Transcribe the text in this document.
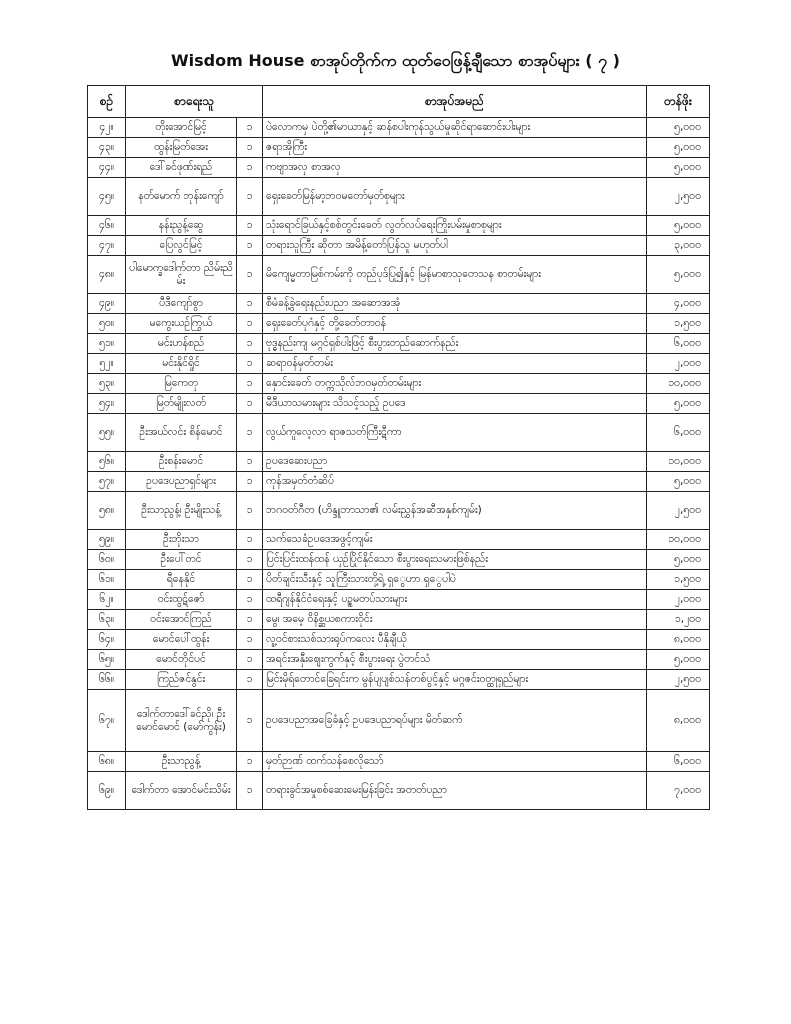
Wisdom House စာအုပ်တိုက်က ထုတ်ဝေဖြန့်ချီသော စာအုပ်များ ( ၇ )
စဉ်	စာရေးသူ		စာအုပ်အမည်	တန်ဖိုး
၄၂။	တိုးအောင်မြင့်	၁	ပဲလောကမှ ပဲတို့၏မာယာနှင့် ဆန်စပါးကုန်သွယ်မှုဆိုင်ရာဆောင်းပါးများ	၅,၀၀၀
၄၃။	ထွန်းမြတ်အေး	၁	ဇရာအိုကြီး	၅,၀၀၀
၄၄။	ဒေါ်ခင်ဖုဏ်းရည်	၁	ကဗျာအလှ စာအလှ	၅,၀၀၀
၄၅။	နတ်မောက် ဘုန်းကျော်	၁	ရှေးခေတ်မြန်မာ့ဘဝမတော်မှတ်စုများ	၂,၅၀၀
၄၆။	နန်းညွန့်ဆွေ	၁	သုံးရောင်ခြယ်နှင့်စစ်တွင်းခေတ် လွတ်လပ်ရေးကြိုးပမ်းမှုစာစုများ	၅,၀၀၀
၄၇။	ပြေလွင်မြင့်	၁	တရားသူကြီး ဆိုတာ အမိန့်တော်ပြန်သူ မဟုတ်ပါ	၃,၀၀၀
၄၈။	ပါမောက္ခဒေါက်တာ ညိမ်းညိမ်း	၁	မိကျေမ္မတာမြစ်ကမ်းကို တည်ပုဒ်ပြု၍နှင့် မြန်မာစာသုတေသန စာတမ်းများ	၅,၀၀၀
၄၉။	ပီဒီကျော်စွာ	၁	စီမံခန့်ခွဲရေးနည်းပညာ အဆောအအုံ	၄,၀၀၀
၅၀။	မကွေးယဉ်ကြွယ်	၁	ရှေးခေတ်ပုဂံနှင့် တို့ခေတ်တာဝန်	၁,၅၀၀
၅၁။	မင်းဟန်စည်	၁	ဗုဒ္ဓနည်းကျ မဂ္ဂင်ရှစ်ပါးဖြင့် စီးပွားတည်ဆောက်နည်း	၆,၀၀၀
၅၂။	မင်းနိုင်ရှိုင်	၁	ဆရာဝန်မှတ်တမ်း	၂,၀၀၀
၅၃။	မြကေတု	၁	နှောင်းခေတ် တက္ကသိုလ်ဘဝမှတ်တမ်းများ	၁၀,၀၀၀
၅၄။	မြတ်မျိုးလတ်	၁	မီဒီယာသမားများ သိသင့်သည့် ဥပဒေ	၅,၀၀၀
၅၅။	ဦးအယ်လင်း စိန်မောင်	၁	လွယ်ကူလေ့လာ ရာဇသတ်ကြီးဋီကာ	၆,၀၀၀
၅၆။	ဦးစန်းမောင်	၁	ဥပဒေဆေးပညာ	၁၀,၀၀၀
၅၇။	ဥပဒေပညာရှင်များ	၁	ကုန်အမှတ်တံဆိပ်	၅,၀၀၀
၅၈။	ဦးသာညွန့်၊ ဦးမျိုးသန့်	၁	ဘဂဝတ်ဂီတ (ဟိန္ဒူဘာသာ၏ လမ်းညွှန်အဆီအနှစ်ကျမ်း)	၂,၅၀၀
၅၉။	ဦးဘိုးသာ	၁	သက်သေခံဥပဒေအဖွင့်ကျမ်း	၁၀,၀၀၀
၆၀။	ဦးပေါ်တင်	၁	ပြင်းပြင်းထန်ထန် ယှဉ်ပြိုင်နိုင်သော စီးပွားရေးသမားဖြစ်နည်း	၅,၀၀၀
၆၁။	ရီနေနိုင်	၁	ပိတ်ချင်းသီးနှင့် သူကြီးသားတို့ရဲ့ ရှွေဟာ ရှွေပါပဲ	၁,၅၀၀
၆၂။	ဝင်းထွဋ်ဇော်	၁	ထရီဂျန်နိုင်ငံရေးနှင့် ပဉ္စမတပ်သားများ	၂,၀၀၀
၆၃။	ဝင်းအောင်ကြည်	၁	မွေ၊ အမေ့ ဝိနိစ္ဆယစကားဝိုင်း	၁,၂၀၀
၆၄။	မောင်ပေါ်ထွန်း	၁	လူ့ဝင်စားသစ်သားရုပ်ကလေး ပီနိုချီယို	၈,၀၀၀
၆၅။	မောင်တိုင်ပင်	၁	အရင်းအနှီးဈေးကွက်နှင့် စီးပွားရေး ပွဲတင်သံ	၅,၀၀၀
၆၆။	ကြည်ဇင်နွင်း	၁	မြင်းမိုရ်တောင်ခြေရင်းက မွန်ပျပျစ်သန်တစ်ပွင့်နှင့် မဂ္ဂဇင်းဝတ္ထုရှည်များ	၂,၅၀၀
၆၇။	ဒေါက်တာဒေါ်ခင်ညို၊ ဦးမောင်မောင် (မော်ကွန်း)	၁	ဥပဒေပညာအခြေခံနှင့် ဥပဒေပညာရပ်များ မိတ်ဆက်	၈,၀၀၀
၆၈။	ဦးသာညွန့်	၁	မှတ်ဉာဏ် ထက်သန်စေလိုသော်	၆,၀၀၀
၆၉။	ဒေါက်တာ အောင်မင်းသိမ်း	၁	တရားခွင်အမှုစစ်ဆေးမေးမြန်းခြင်း အတတ်ပညာ	၇,၀၀၀
